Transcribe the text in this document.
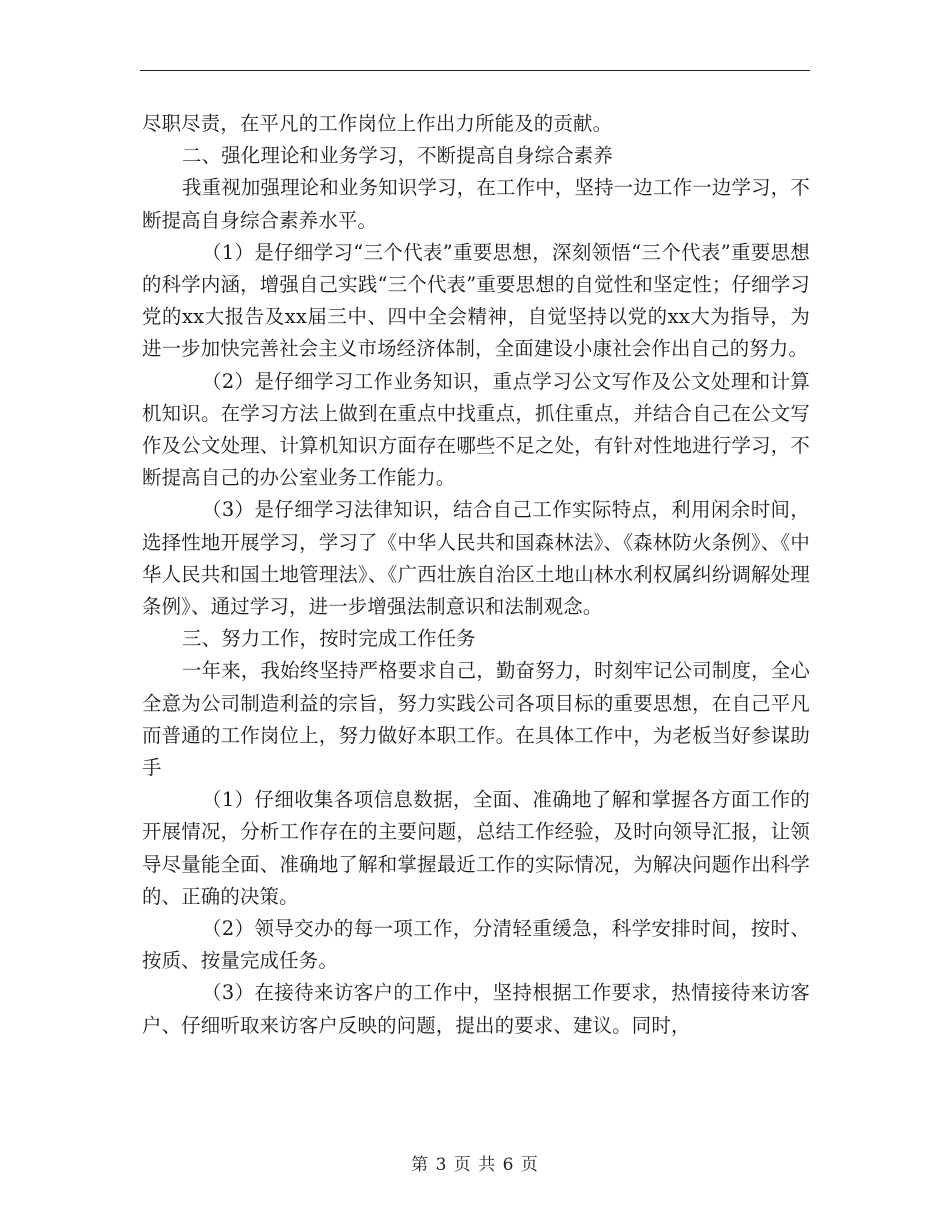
尽职尽责，在平凡的工作岗位上作出力所能及的贡献。

二、强化理论和业务学习，不断提高自身综合素养

我重视加强理论和业务知识学习，在工作中，坚持一边工作一边学习，不断提高自身综合素养水平。

（1）是仔细学习“三个代表”重要思想，深刻领悟“三个代表”重要思想的科学内涵，增强自己实践“三个代表”重要思想的自觉性和坚定性；仔细学习党的xx大报告及xx届三中、四中全会精神，自觉坚持以党的xx大为指导，为进一步加快完善社会主义市场经济体制，全面建设小康社会作出自己的努力。

（2）是仔细学习工作业务知识，重点学习公文写作及公文处理和计算机知识。在学习方法上做到在重点中找重点，抓住重点，并结合自己在公文写作及公文处理、计算机知识方面存在哪些不足之处，有针对性地进行学习，不断提高自己的办公室业务工作能力。

（3）是仔细学习法律知识，结合自己工作实际特点，利用闲余时间，选择性地开展学习，学习了《中华人民共和国森林法》、《森林防火条例》、《中华人民共和国土地管理法》、《广西壮族自治区土地山林水利权属纠纷调解处理条例》、通过学习，进一步增强法制意识和法制观念。

三、努力工作，按时完成工作任务

一年来，我始终坚持严格要求自己，勤奋努力，时刻牢记公司制度，全心全意为公司制造利益的宗旨，努力实践公司各项目标的重要思想，在自己平凡而普通的工作岗位上，努力做好本职工作。在具体工作中，为老板当好参谋助手

（1）仔细收集各项信息数据，全面、准确地了解和掌握各方面工作的开展情况，分析工作存在的主要问题，总结工作经验，及时向领导汇报，让领导尽量能全面、准确地了解和掌握最近工作的实际情况，为解决问题作出科学的、正确的决策。

（2）领导交办的每一项工作，分清轻重缓急，科学安排时间，按时、按质、按量完成任务。

（3）在接待来访客户的工作中，坚持根据工作要求，热情接待来访客户、仔细听取来访客户反映的问题，提出的要求、建议。同时，

第 3 页 共 6 页
